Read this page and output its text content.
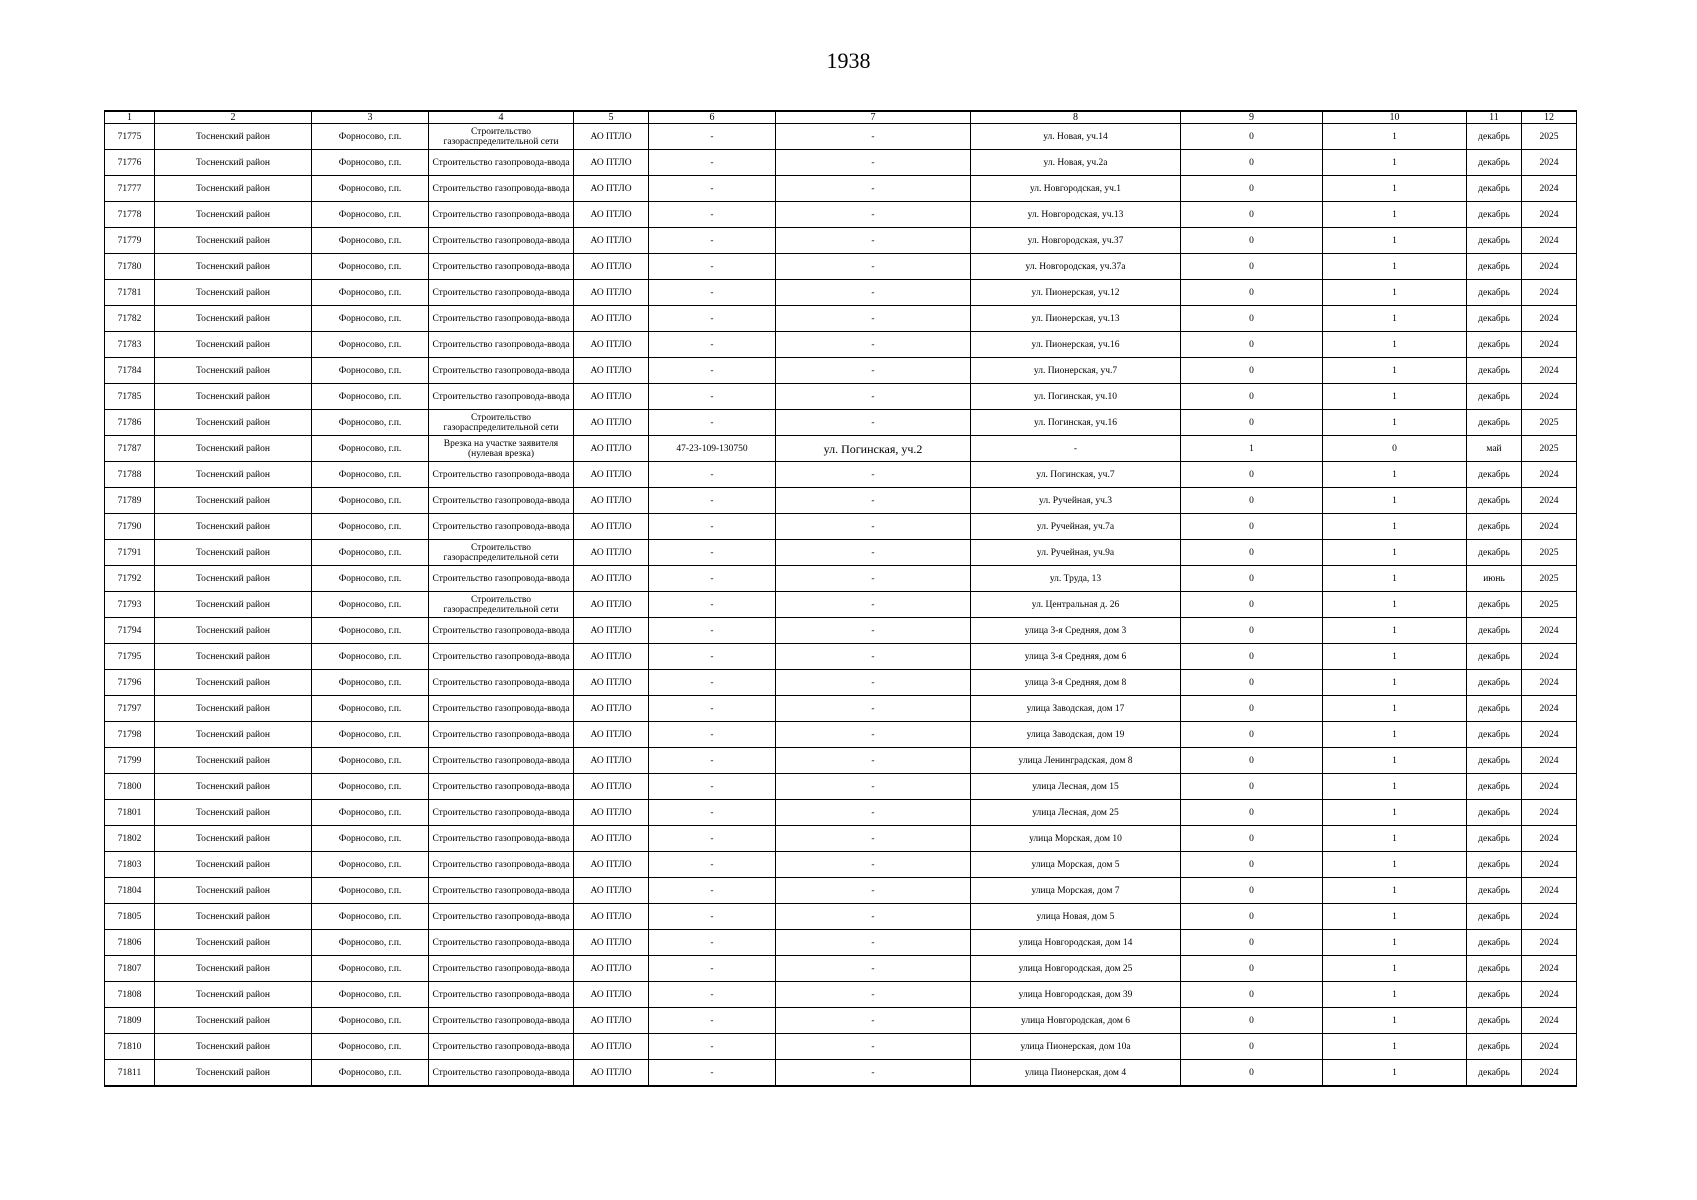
1938
1	2	3	4	5	6	7	8	9	10	11	12
71775	Тосненский район	Форносово, г.п.	Строительство газораспределительной сети	АО ПТЛО	-	-	ул. Новая, уч.14	0	1	декабрь	2025
71776	Тосненский район	Форносово, г.п.	Строительство газопровода-ввода	АО ПТЛО	-	-	ул. Новая, уч.2а	0	1	декабрь	2024
71777	Тосненский район	Форносово, г.п.	Строительство газопровода-ввода	АО ПТЛО	-	-	ул. Новгородская, уч.1	0	1	декабрь	2024
71778	Тосненский район	Форносово, г.п.	Строительство газопровода-ввода	АО ПТЛО	-	-	ул. Новгородская, уч.13	0	1	декабрь	2024
71779	Тосненский район	Форносово, г.п.	Строительство газопровода-ввода	АО ПТЛО	-	-	ул. Новгородская, уч.37	0	1	декабрь	2024
71780	Тосненский район	Форносово, г.п.	Строительство газопровода-ввода	АО ПТЛО	-	-	ул. Новгородская, уч.37а	0	1	декабрь	2024
71781	Тосненский район	Форносово, г.п.	Строительство газопровода-ввода	АО ПТЛО	-	-	ул. Пионерская, уч.12	0	1	декабрь	2024
71782	Тосненский район	Форносово, г.п.	Строительство газопровода-ввода	АО ПТЛО	-	-	ул. Пионерская, уч.13	0	1	декабрь	2024
71783	Тосненский район	Форносово, г.п.	Строительство газопровода-ввода	АО ПТЛО	-	-	ул. Пионерская, уч.16	0	1	декабрь	2024
71784	Тосненский район	Форносово, г.п.	Строительство газопровода-ввода	АО ПТЛО	-	-	ул. Пионерская, уч.7	0	1	декабрь	2024
71785	Тосненский район	Форносово, г.п.	Строительство газопровода-ввода	АО ПТЛО	-	-	ул. Погинская, уч.10	0	1	декабрь	2024
71786	Тосненский район	Форносово, г.п.	Строительство газораспределительной сети	АО ПТЛО	-	-	ул. Погинская, уч.16	0	1	декабрь	2025
71787	Тосненский район	Форносово, г.п.	Врезка на участке заявителя (нулевая врезка)	АО ПТЛО	47-23-109-130750	ул. Погинская, уч.2	-	1	0	май	2025
71788	Тосненский район	Форносово, г.п.	Строительство газопровода-ввода	АО ПТЛО	-	-	ул. Погинская, уч.7	0	1	декабрь	2024
71789	Тосненский район	Форносово, г.п.	Строительство газопровода-ввода	АО ПТЛО	-	-	ул. Ручейная, уч.3	0	1	декабрь	2024
71790	Тосненский район	Форносово, г.п.	Строительство газопровода-ввода	АО ПТЛО	-	-	ул. Ручейная, уч.7а	0	1	декабрь	2024
71791	Тосненский район	Форносово, г.п.	Строительство газораспределительной сети	АО ПТЛО	-	-	ул. Ручейная, уч.9а	0	1	декабрь	2025
71792	Тосненский район	Форносово, г.п.	Строительство газопровода-ввода	АО ПТЛО	-	-	ул. Труда, 13	0	1	июнь	2025
71793	Тосненский район	Форносово, г.п.	Строительство газораспределительной сети	АО ПТЛО	-	-	ул. Центральная д. 26	0	1	декабрь	2025
71794	Тосненский район	Форносово, г.п.	Строительство газопровода-ввода	АО ПТЛО	-	-	улица 3-я Средняя, дом 3	0	1	декабрь	2024
71795	Тосненский район	Форносово, г.п.	Строительство газопровода-ввода	АО ПТЛО	-	-	улица 3-я Средняя, дом 6	0	1	декабрь	2024
71796	Тосненский район	Форносово, г.п.	Строительство газопровода-ввода	АО ПТЛО	-	-	улица 3-я Средняя, дом 8	0	1	декабрь	2024
71797	Тосненский район	Форносово, г.п.	Строительство газопровода-ввода	АО ПТЛО	-	-	улица Заводская, дом 17	0	1	декабрь	2024
71798	Тосненский район	Форносово, г.п.	Строительство газопровода-ввода	АО ПТЛО	-	-	улица Заводская, дом 19	0	1	декабрь	2024
71799	Тосненский район	Форносово, г.п.	Строительство газопровода-ввода	АО ПТЛО	-	-	улица Ленинградская, дом 8	0	1	декабрь	2024
71800	Тосненский район	Форносово, г.п.	Строительство газопровода-ввода	АО ПТЛО	-	-	улица Лесная, дом 15	0	1	декабрь	2024
71801	Тосненский район	Форносово, г.п.	Строительство газопровода-ввода	АО ПТЛО	-	-	улица Лесная, дом 25	0	1	декабрь	2024
71802	Тосненский район	Форносово, г.п.	Строительство газопровода-ввода	АО ПТЛО	-	-	улица Морская, дом 10	0	1	декабрь	2024
71803	Тосненский район	Форносово, г.п.	Строительство газопровода-ввода	АО ПТЛО	-	-	улица Морская, дом 5	0	1	декабрь	2024
71804	Тосненский район	Форносово, г.п.	Строительство газопровода-ввода	АО ПТЛО	-	-	улица Морская, дом 7	0	1	декабрь	2024
71805	Тосненский район	Форносово, г.п.	Строительство газопровода-ввода	АО ПТЛО	-	-	улица Новая, дом 5	0	1	декабрь	2024
71806	Тосненский район	Форносово, г.п.	Строительство газопровода-ввода	АО ПТЛО	-	-	улица Новгородская, дом 14	0	1	декабрь	2024
71807	Тосненский район	Форносово, г.п.	Строительство газопровода-ввода	АО ПТЛО	-	-	улица Новгородская, дом 25	0	1	декабрь	2024
71808	Тосненский район	Форносово, г.п.	Строительство газопровода-ввода	АО ПТЛО	-	-	улица Новгородская, дом 39	0	1	декабрь	2024
71809	Тосненский район	Форносово, г.п.	Строительство газопровода-ввода	АО ПТЛО	-	-	улица Новгородская, дом 6	0	1	декабрь	2024
71810	Тосненский район	Форносово, г.п.	Строительство газопровода-ввода	АО ПТЛО	-	-	улица Пионерская, дом 10а	0	1	декабрь	2024
71811	Тосненский район	Форносово, г.п.	Строительство газопровода-ввода	АО ПТЛО	-	-	улица Пионерская, дом 4	0	1	декабрь	2024
